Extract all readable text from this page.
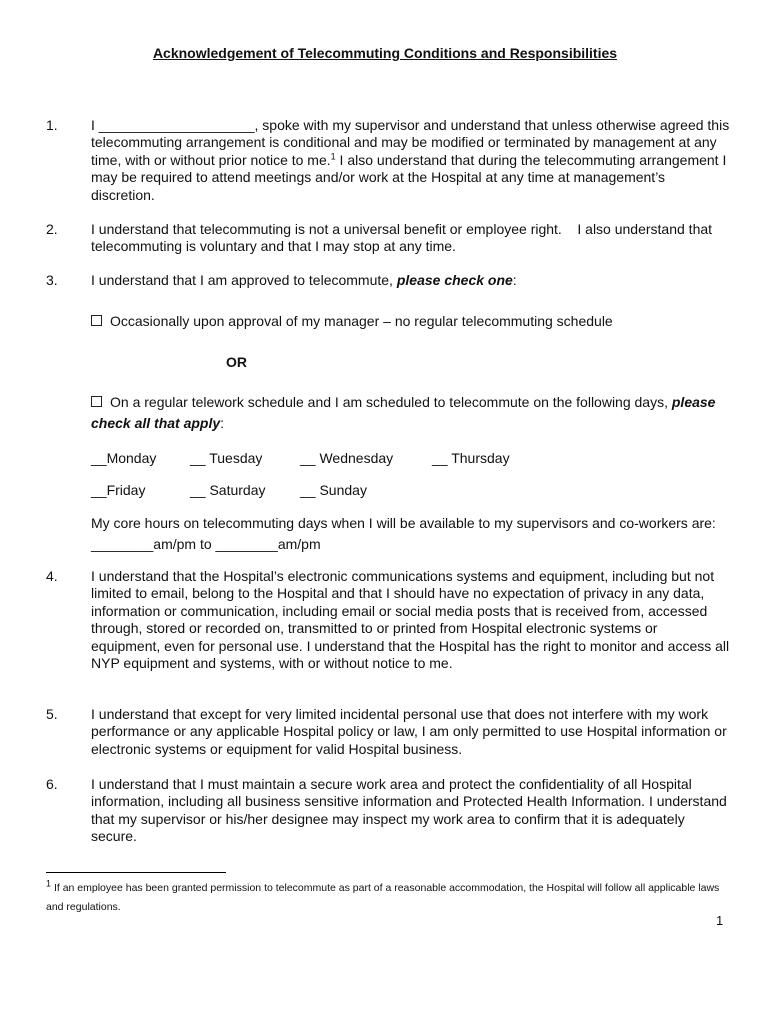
Acknowledgement of Telecommuting Conditions and Responsibilities
1. I ____________________, spoke with my supervisor and understand that unless otherwise agreed this telecommuting arrangement is conditional and may be modified or terminated by management at any time, with or without prior notice to me.$^1$ I also understand that during the telecommuting arrangement I may be required to attend meetings and/or work at the Hospital at any time at management’s discretion.
2. I understand that telecommuting is not a universal benefit or employee right.    I also understand that telecommuting is voluntary and that I may stop at any time.
3. I understand that I am approved to telecommute, please check one:
Occasionally upon approval of my manager – no regular telecommuting schedule
OR
On a regular telework schedule and I am scheduled to telecommute on the following days, please check all that apply:
__Monday __ Tuesday	__ Wednesday	__ Thursday
__Friday	__ Saturday __ Sunday
My core hours on telecommuting days when I will be available to my supervisors and co-workers are: ________am/pm to ________am/pm
4. I understand that the Hospital’s electronic communications systems and equipment, including but not limited to email, belong to the Hospital and that I should have no expectation of privacy in any data, information or communication, including email or social media posts that is received from, accessed through, stored or recorded on, transmitted to or printed from Hospital electronic systems or equipment, even for personal use. I understand that the Hospital has the right to monitor and access all NYP equipment and systems, with or without notice to me.
5. I understand that except for very limited incidental personal use that does not interfere with my work performance or any applicable Hospital policy or law, I am only permitted to use Hospital information or electronic systems or equipment for valid Hospital business.
6. I understand that I must maintain a secure work area and protect the confidentiality of all Hospital information, including all business sensitive information and Protected Health Information. I understand that my supervisor or his/her designee may inspect my work area to confirm that it is adequately secure.
$^1$ If an employee has been granted permission to telecommute as part of a reasonable accommodation, the Hospital will follow all applicable laws and regulations.
1
